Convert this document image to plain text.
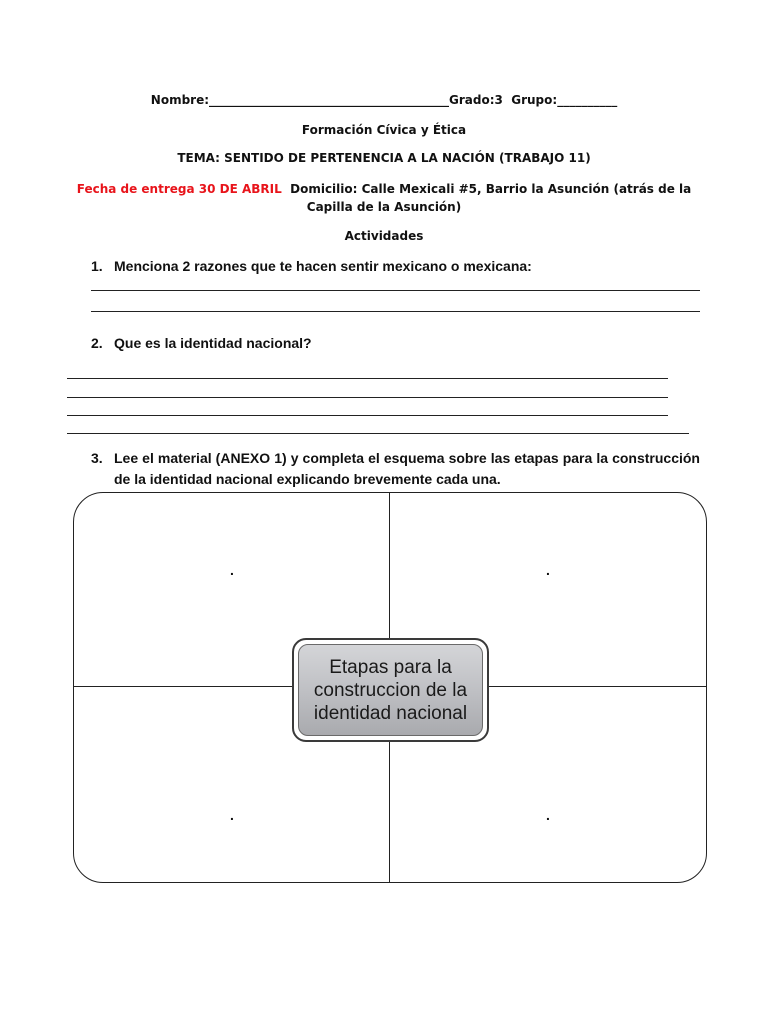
Nombre:________________________________________Grado:3 Grupo:__________
Formación Cívica y Ética
TEMA: SENTIDO DE PERTENENCIA A LA NACIÓN (TRABAJO 11)
Fecha de entrega 30 DE ABRIL Domicilio: Calle Mexicali #5, Barrio la Asunción (atrás de la Capilla de la Asunción)
Actividades
1. Menciona 2 razones que te hacen sentir mexicano o mexicana:
2. Que es la identidad nacional?
3. Lee el material (ANEXO 1) y completa el esquema sobre las etapas para la construcción de la identidad nacional explicando brevemente cada una.
.	.
.	.
Etapas para la construccion de la identidad nacional
